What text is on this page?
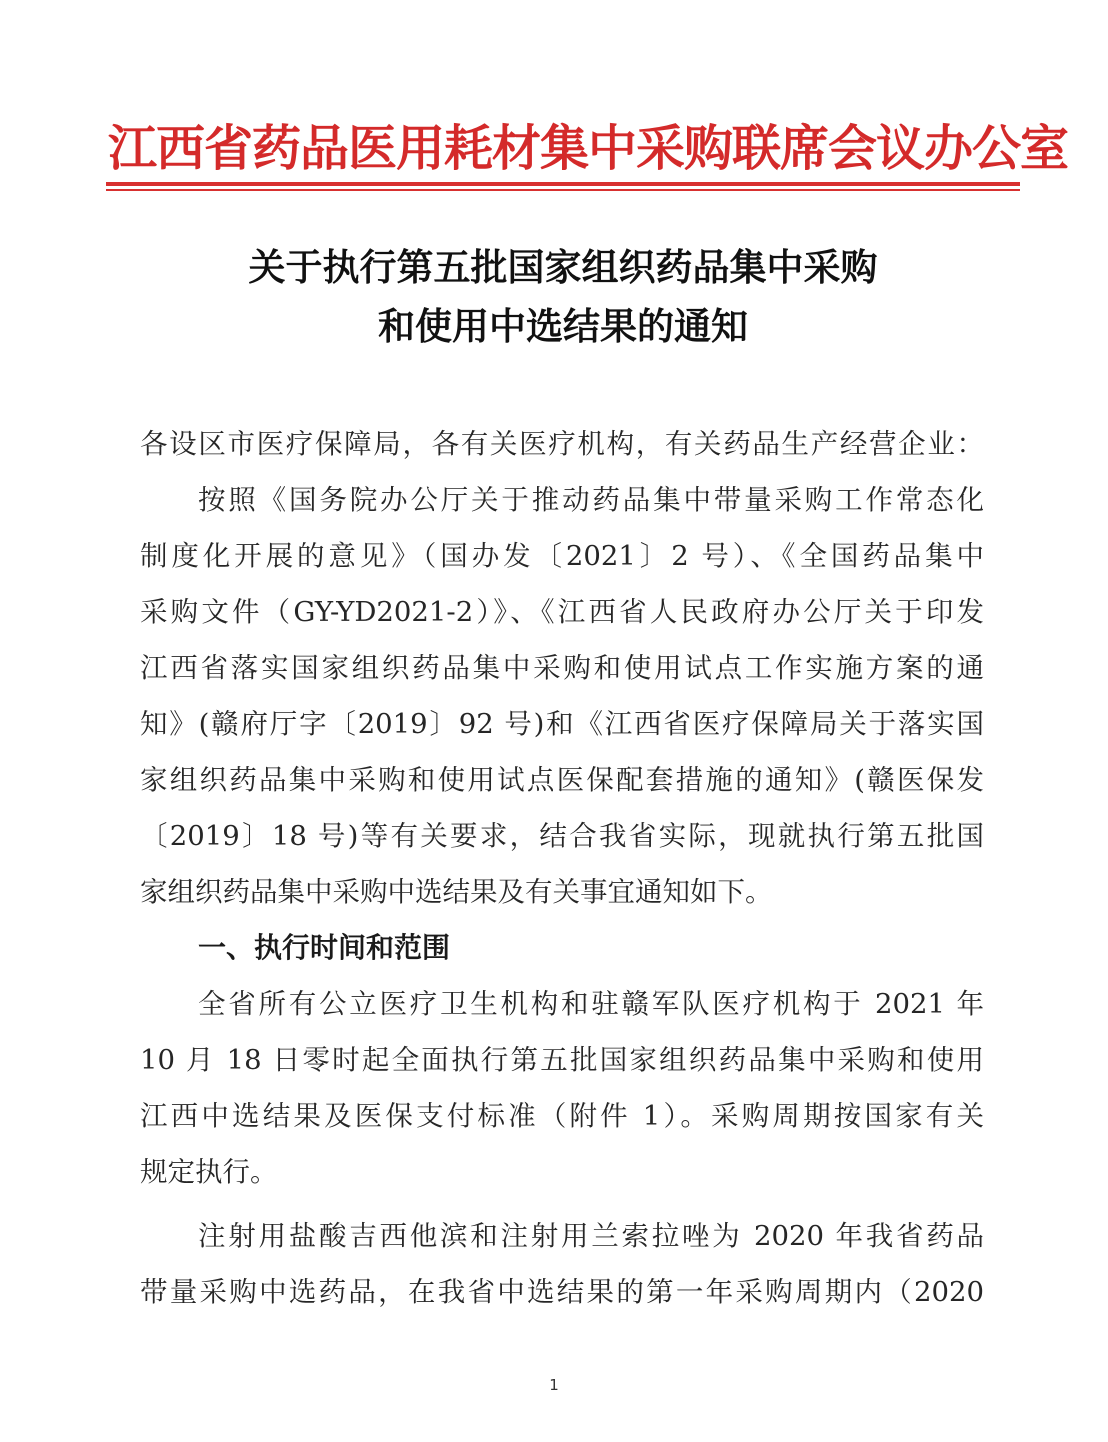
江西省药品医用耗材集中采购联席会议办公室
关于执行第五批国家组织药品集中采购
和使用中选结果的通知
各设区市医疗保障局，各有关医疗机构，有关药品生产经营企业：
按照《国务院办公厅关于推动药品集中带量采购工作常态化
制度化开展的意见》（国办发〔2021〕2 号）、《全国药品集中
采购文件（GY-YD2021-2）》、《江西省人民政府办公厅关于印发
江西省落实国家组织药品集中采购和使用试点工作实施方案的通
知》(赣府厅字〔2019〕92 号)和《江西省医疗保障局关于落实国
家组织药品集中采购和使用试点医保配套措施的通知》(赣医保发
〔2019〕18 号)等有关要求，结合我省实际，现就执行第五批国
家组织药品集中采购中选结果及有关事宜通知如下。
一、执行时间和范围
全省所有公立医疗卫生机构和驻赣军队医疗机构于 2021 年
10 月 18 日零时起全面执行第五批国家组织药品集中采购和使用
江西中选结果及医保支付标准（附件 1）。采购周期按国家有关
规定执行。
注射用盐酸吉西他滨和注射用兰索拉唑为 2020 年我省药品
带量采购中选药品，在我省中选结果的第一年采购周期内（2020
1
